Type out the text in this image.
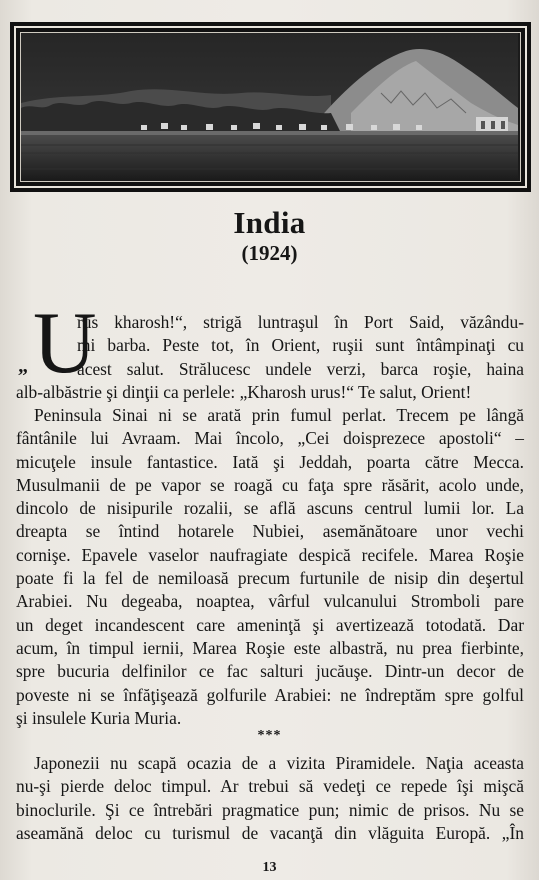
India
(1924)
U
„
rus kharosh!“, strigă luntraşul în Port Said, văzându-
mi barba. Peste tot, în Orient, ruşii sunt întâmpinaţi cu
acest salut. Strălucesc undele verzi, barca roşie, haina
alb-albăstrie şi dinţii ca perlele: „Kharosh urus!“ Te salut, Orient!
Peninsula Sinai ni se arată prin fumul perlat. Trecem pe lângă
fântânile lui Avraam. Mai încolo, „Cei doisprezece apostoli“ –
micuţele insule fantastice. Iată şi Jeddah, poarta către Mecca.
Musulmanii de pe vapor se roagă cu faţa spre răsărit, acolo unde,
dincolo de nisipurile rozalii, se află ascuns centrul lumii lor. La
dreapta se întind hotarele Nubiei, asemănătoare unor vechi
cornişe. Epavele vaselor naufragiate despică recifele. Marea Roşie
poate fi la fel de nemiloasă precum furtunile de nisip din deşertul
Arabiei. Nu degeaba, noaptea, vârful vulcanului Stromboli pare
un deget incandescent care ameninţă şi avertizează totodată. Dar
acum, în timpul iernii, Marea Roşie este albastră, nu prea fierbinte,
spre bucuria delfinilor ce fac salturi jucăuşe. Dintr-un decor de
poveste ni se înfăţişează golfurile Arabiei: ne îndreptăm spre golful
şi insulele Kuria Muria.
***
Japonezii nu scapă ocazia de a vizita Piramidele. Naţia aceasta
nu-şi pierde deloc timpul. Ar trebui să vedeţi ce repede îşi mişcă
binoclurile. Şi ce întrebări pragmatice pun; nimic de prisos. Nu se
aseamănă deloc cu turismul de vacanţă din vlăguita Europă. „În
13
